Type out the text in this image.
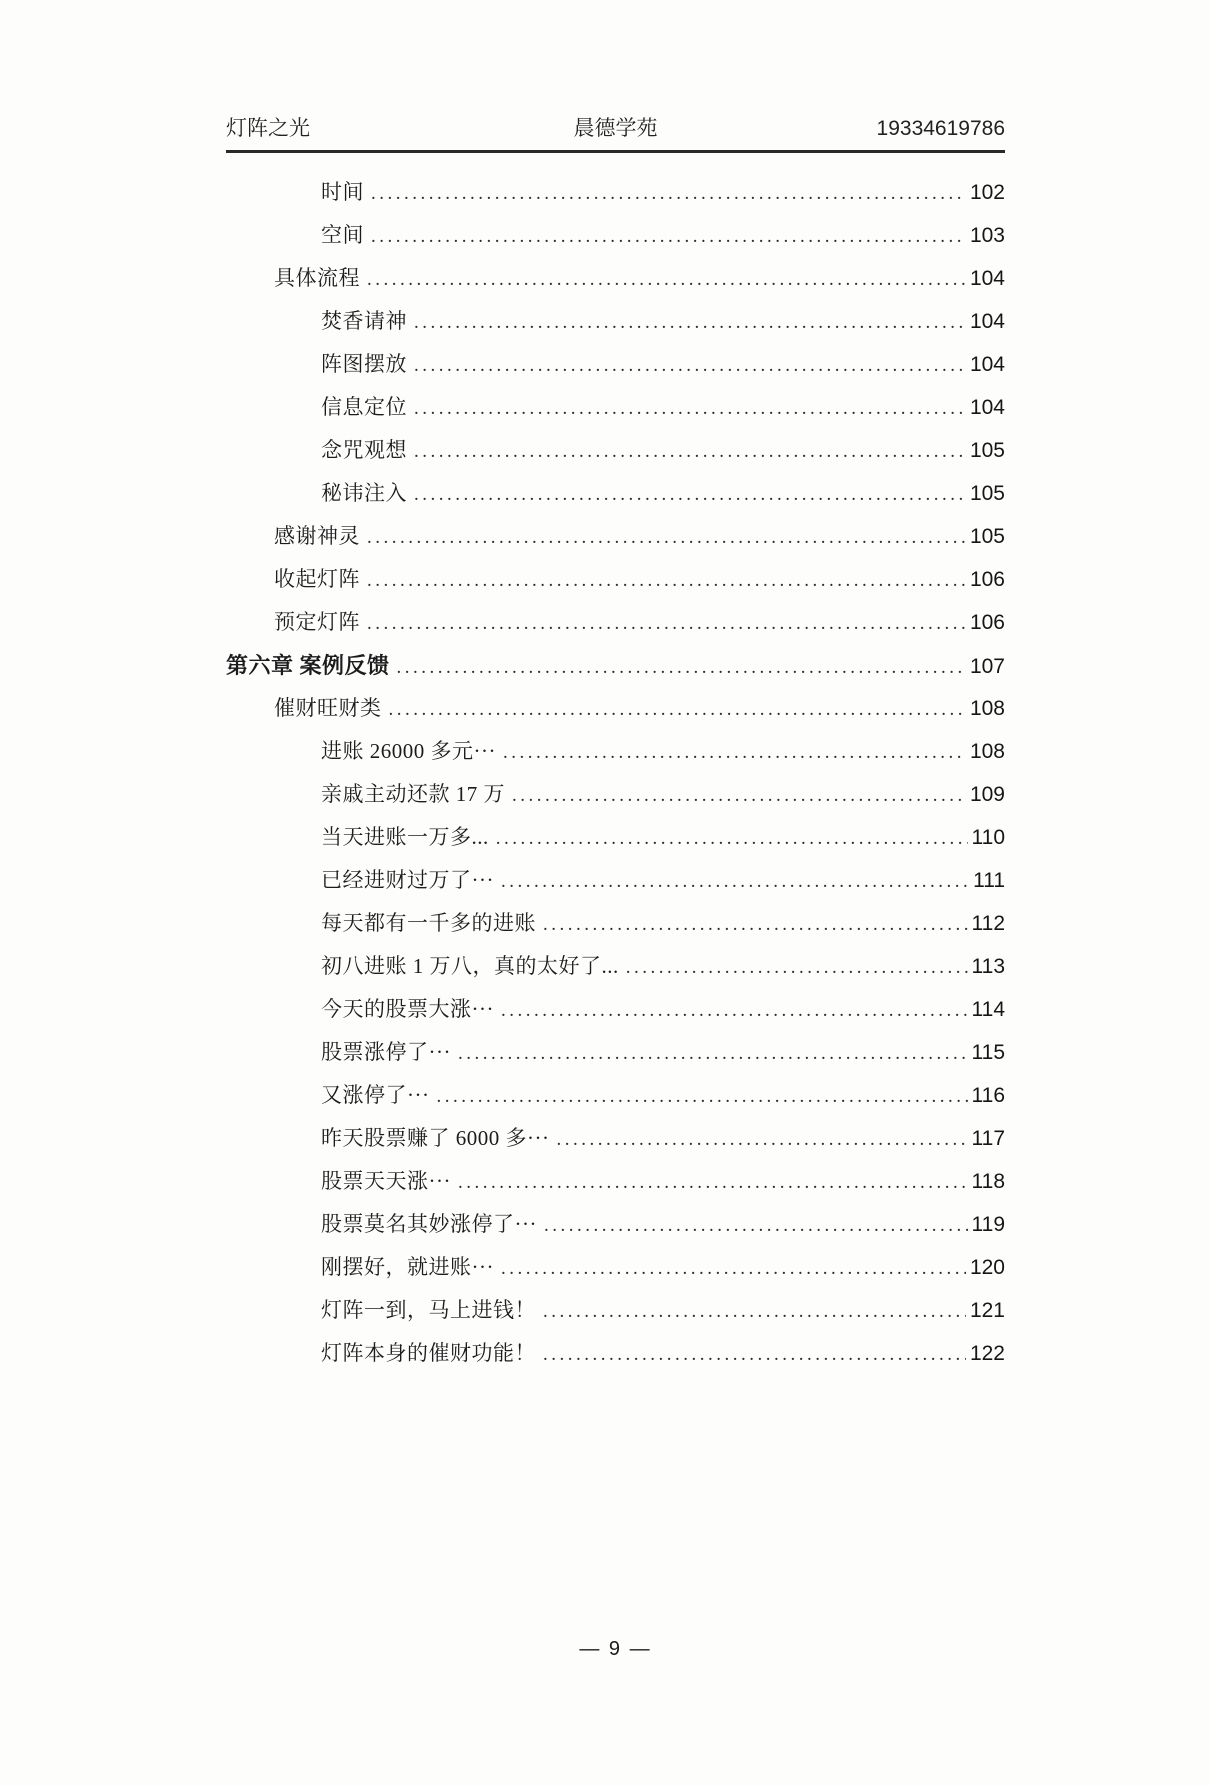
灯阵之光	晨德学苑	19334619786
时间 .....	102
空间 .....	103
具体流程 .....	104
焚香请神 .....	104
阵图摆放 .....	104
信息定位 .....	104
念咒观想 .....	105
秘讳注入 .....	105
感谢神灵 .....	105
收起灯阵 .....	106
预定灯阵 .....	106
第六章 案例反馈 .....	107
催财旺财类 .....	108
进账 26000 多元··· .....	108
亲戚主动还款 17 万 .....	109
当天进账一万多... .....	110
已经进财过万了··· .....	111
每天都有一千多的进账 .....	112
初八进账 1 万八，真的太好了... .....	113
今天的股票大涨··· .....	114
股票涨停了··· .....	115
又涨停了··· .....	116
昨天股票赚了 6000 多··· .....	117
股票天天涨··· .....	118
股票莫名其妙涨停了··· .....	119
刚摆好，就进账··· .....	120
灯阵一到，马上进钱！ .....	121
灯阵本身的催财功能！ .....	122
— 9 —
